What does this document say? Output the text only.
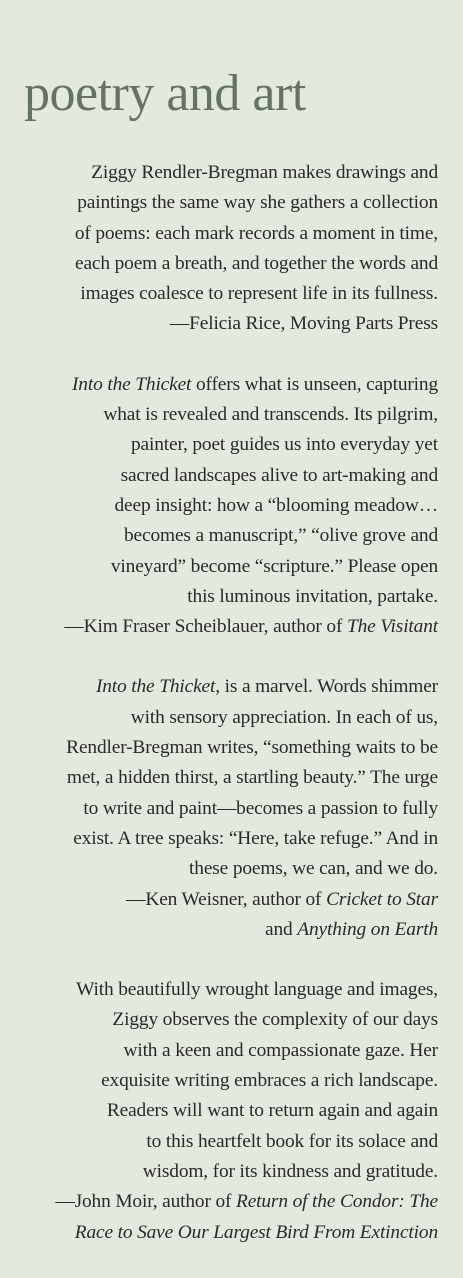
poetry and art

Ziggy Rendler-Bregman makes drawings and
paintings the same way she gathers a collection
of poems: each mark records a moment in time,
each poem a breath, and together the words and
images coalesce to represent life in its fullness.
—Felicia Rice, Moving Parts Press

Into the Thicket offers what is unseen, capturing
what is revealed and transcends. Its pilgrim,
painter, poet guides us into everyday yet
sacred landscapes alive to art-making and
deep insight: how a “blooming meadow…
becomes a manuscript,” “olive grove and
vineyard” become “scripture.” Please open
this luminous invitation, partake.
—Kim Fraser Scheiblauer, author of The Visitant

Into the Thicket, is a marvel. Words shimmer
with sensory appreciation. In each of us,
Rendler-Bregman writes, “something waits to be
met, a hidden thirst, a startling beauty.” The urge
to write and paint—becomes a passion to fully
exist. A tree speaks: “Here, take refuge.” And in
these poems, we can, and we do.
—Ken Weisner, author of Cricket to Star
and Anything on Earth

With beautifully wrought language and images,
Ziggy observes the complexity of our days
with a keen and compassionate gaze. Her
exquisite writing embraces a rich landscape.
Readers will want to return again and again
to this heartfelt book for its solace and
wisdom, for its kindness and gratitude.
—John Moir, author of Return of the Condor: The
Race to Save Our Largest Bird From Extinction
